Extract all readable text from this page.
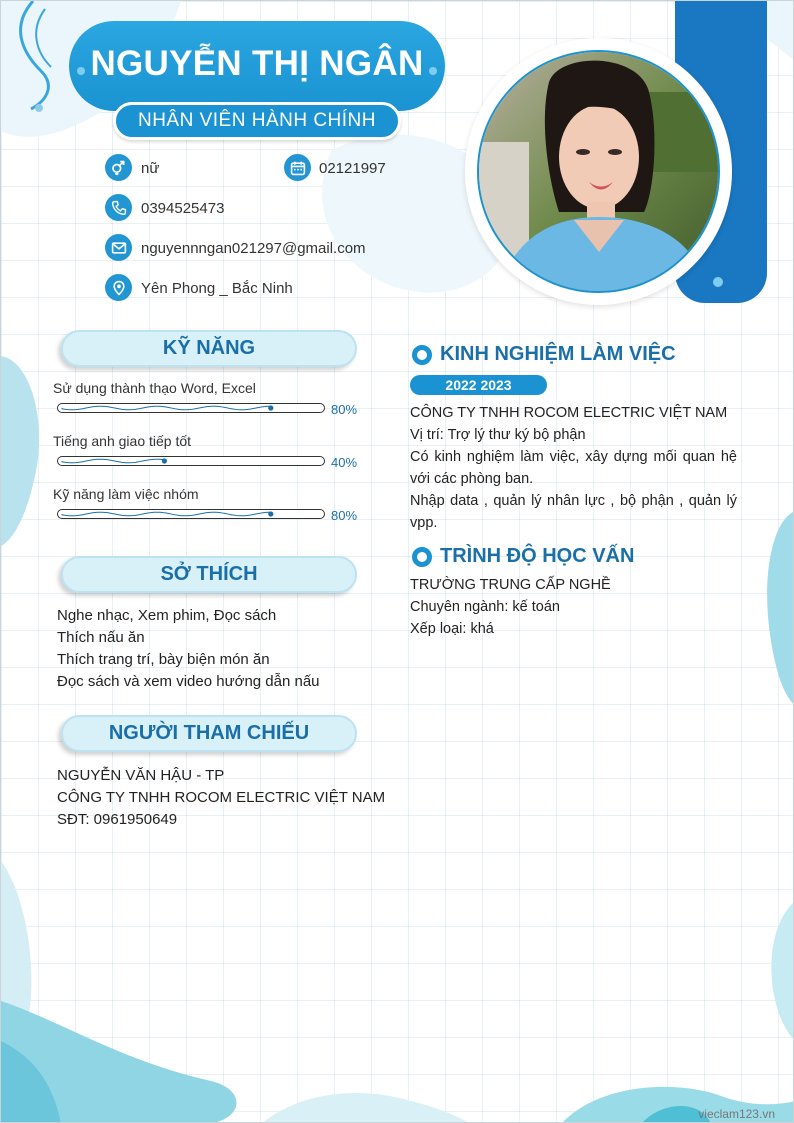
NGUYỄN THỊ NGÂN
NHÂN VIÊN HÀNH CHÍNH
nữ	02121997
0394525473
nguyennngan021297@gmail.com
Yên Phong _ Bắc Ninh
KỸ NĂNG
Sử dụng thành thạo Word, Excel
80%
Tiếng anh giao tiếp tốt
40%
Kỹ năng làm việc nhóm
80%
SỞ THÍCH
Nghe nhạc, Xem phim, Đọc sách
Thích nấu ăn
Thích trang trí, bày biện món ăn
Đọc sách và xem video hướng dẫn nấu
NGƯỜI THAM CHIẾU
NGUYỄN VĂN HẬU - TP
CÔNG TY TNHH ROCOM ELECTRIC VIỆT NAM
SĐT: 0961950649
KINH NGHIỆM LÀM VIỆC
2022 2023
CÔNG TY TNHH ROCOM ELECTRIC VIỆT NAM
Vị trí: Trợ lý thư ký bộ phận
Có kinh nghiệm làm việc, xây dựng mối quan hệ với các phòng ban.
Nhập data , quản lý nhân lực , bộ phận , quản lý vpp.
TRÌNH ĐỘ HỌC VẤN
TRƯỜNG TRUNG CẤP NGHỀ
Chuyên ngành: kế toán
Xếp loại: khá
vieclam123.vn
